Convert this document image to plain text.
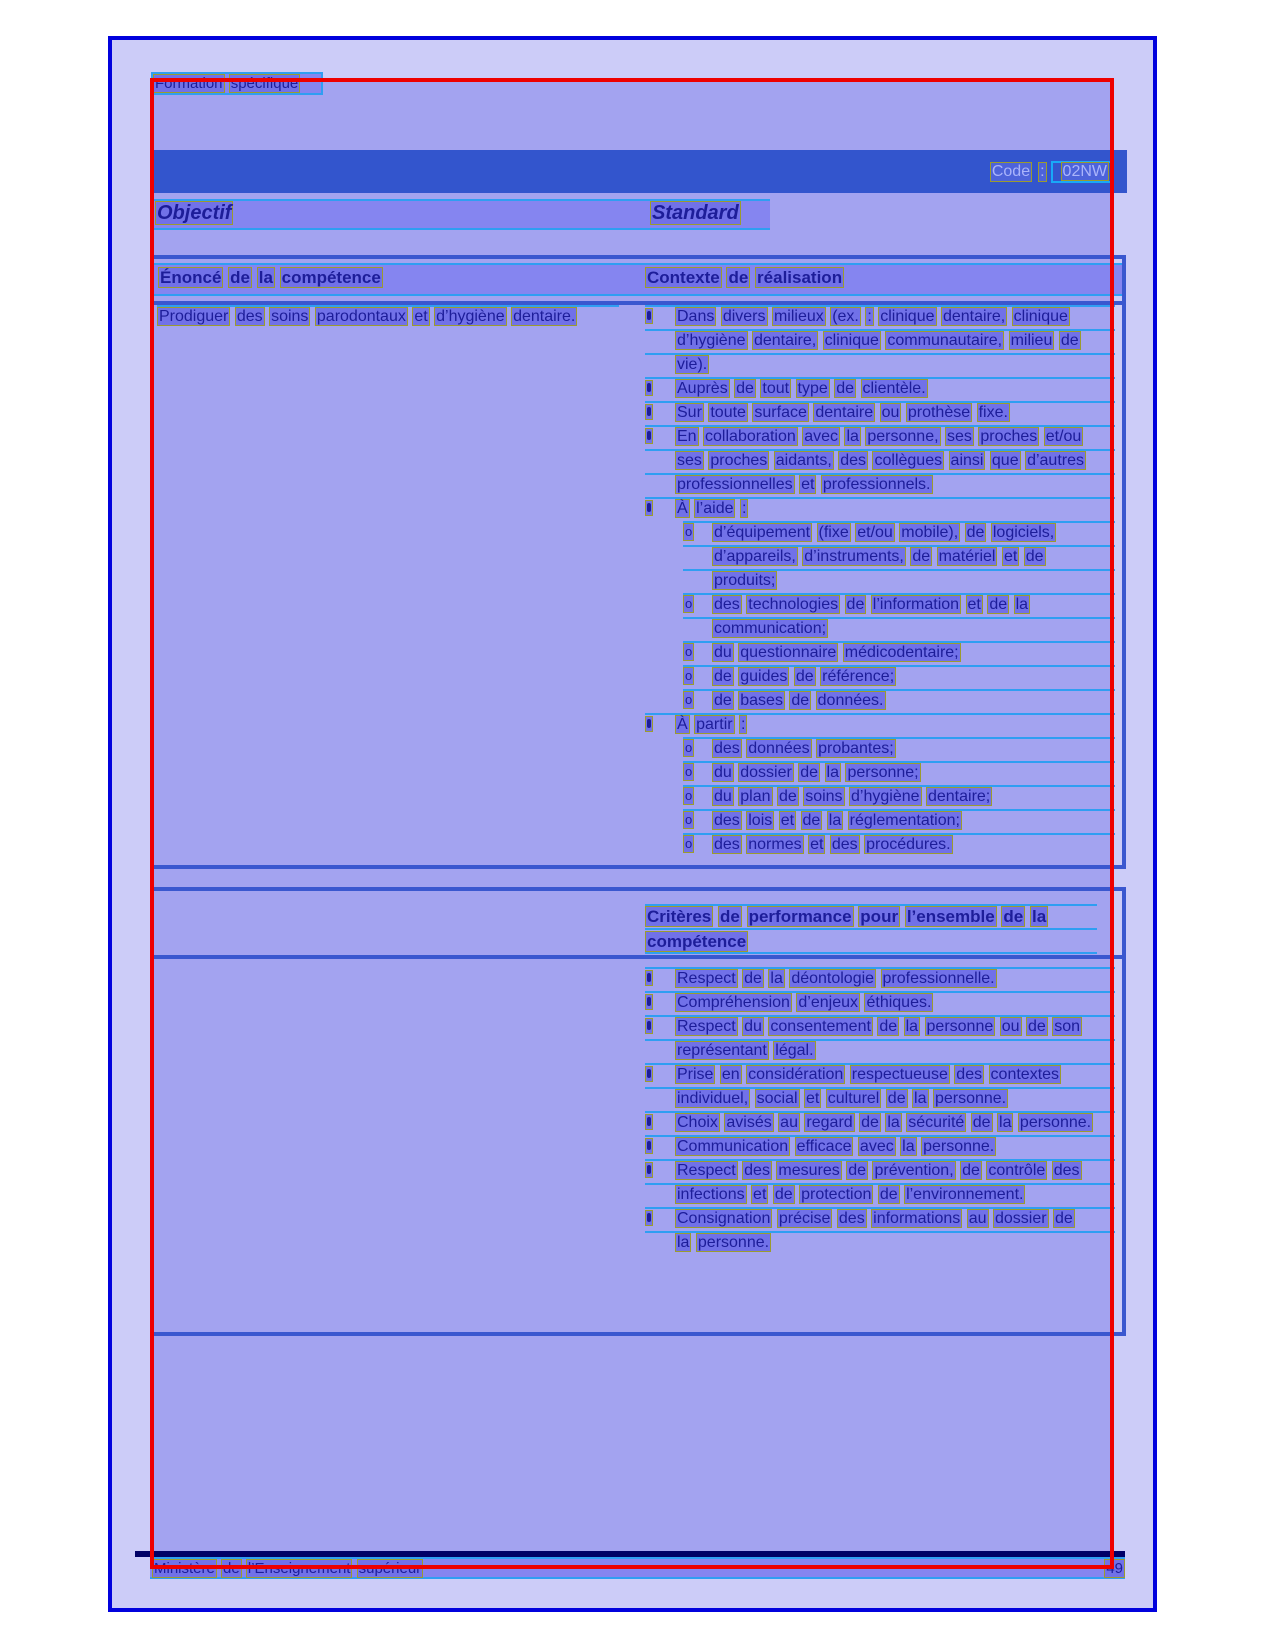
Formation spécifique
Code :	02NW
Objectif	Standard
Énoncé de la compétence	Contexte de réalisation
Prodiguer des soins parodontaux et d’hygiène dentaire.	Dans divers milieux (ex. : clinique dentaire, clinique d’hygiène dentaire, clinique communautaire, milieu de vie).
Auprès de tout type de clientèle.
Sur toute surface dentaire ou prothèse fixe.
En collaboration avec la personne, ses proches et/ou ses proches aidants, des collègues ainsi que d’autres professionnelles et professionnels.
À l’aide :
o d’équipement (fixe et/ou mobile), de logiciels, d’appareils, d’instruments, de matériel et de produits;
o des technologies de l’information et de la communication;
o du questionnaire médicodentaire;
o de guides de référence;
o de bases de données.
À partir :
o des données probantes;
o du dossier de la personne;
o du plan de soins d’hygiène dentaire;
o des lois et de la réglementation;
o des normes et des procédures.
Critères de performance pour l’ensemble de la compétence
Respect de la déontologie professionnelle.
Compréhension d’enjeux éthiques.
Respect du consentement de la personne ou de son représentant légal.
Prise en considération respectueuse des contextes individuel, social et culturel de la personne.
Choix avisés au regard de la sécurité de la personne.
Communication efficace avec la personne.
Respect des mesures de prévention, de contrôle des infections et de protection de l’environnement.
Consignation précise des informations au dossier de la personne.
Ministère de l’Enseignement supérieur	49
